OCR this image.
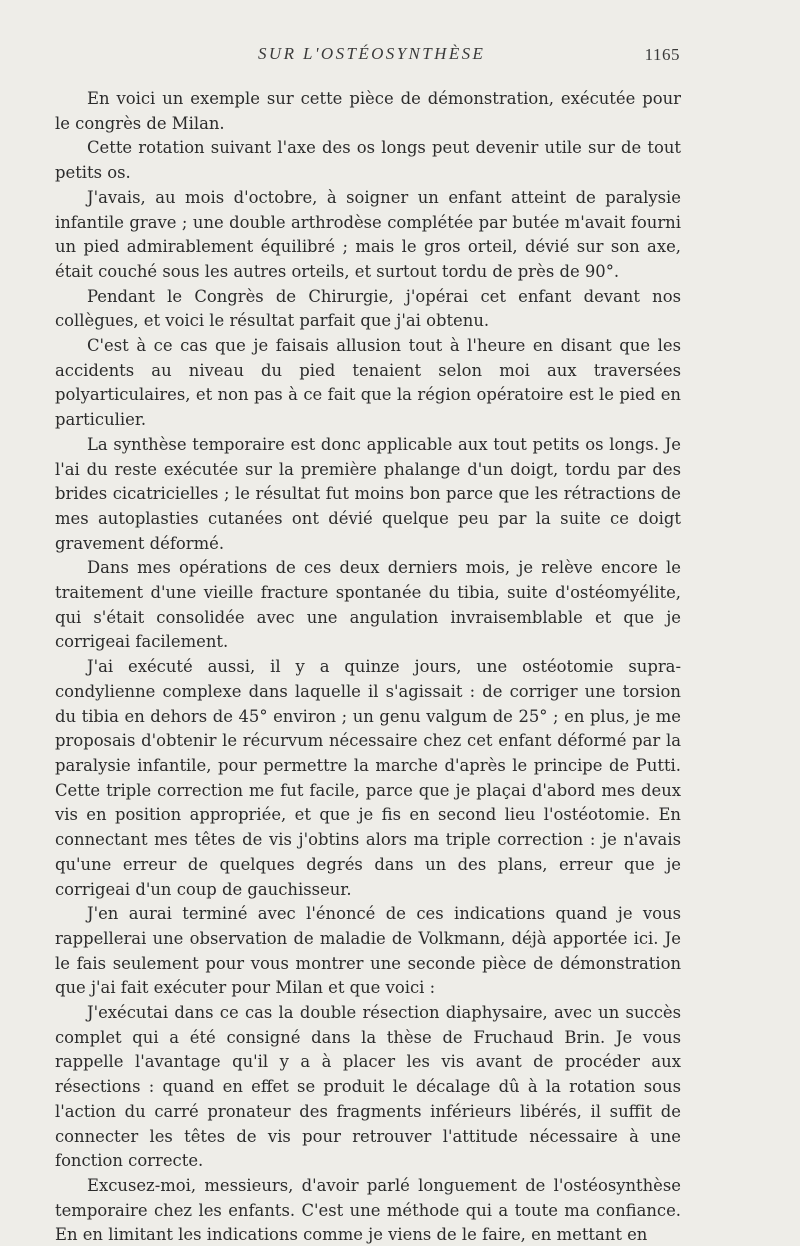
SUR L'OSTÉOSYNTHÈSE	1165

En voici un exemple sur cette pièce de démonstration, exécutée pour le congrès de Milan.

Cette rotation suivant l'axe des os longs peut devenir utile sur de tout petits os.

J'avais, au mois d'octobre, à soigner un enfant atteint de paralysie infantile grave ; une double arthrodèse complétée par butée m'avait fourni un pied admirablement équilibré ; mais le gros orteil, dévié sur son axe, était couché sous les autres orteils, et surtout tordu de près de 90°.

Pendant le Congrès de Chirurgie, j'opérai cet enfant devant nos collègues, et voici le résultat parfait que j'ai obtenu.

C'est à ce cas que je faisais allusion tout à l'heure en disant que les accidents au niveau du pied tenaient selon moi aux traversées polyarticulaires, et non pas à ce fait que la région opératoire est le pied en particulier.

La synthèse temporaire est donc applicable aux tout petits os longs. Je l'ai du reste exécutée sur la première phalange d'un doigt, tordu par des brides cicatricielles ; le résultat fut moins bon parce que les rétractions de mes autoplasties cutanées ont dévié quelque peu par la suite ce doigt gravement déformé.

Dans mes opérations de ces deux derniers mois, je relève encore le traitement d'une vieille fracture spontanée du tibia, suite d'ostéomyélite, qui s'était consolidée avec une angulation invraisemblable et que je corrigeai facilement.

J'ai exécuté aussi, il y a quinze jours, une ostéotomie supra-condylienne complexe dans laquelle il s'agissait : de corriger une torsion du tibia en dehors de 45° environ ; un genu valgum de 25° ; en plus, je me proposais d'obtenir le récurvum nécessaire chez cet enfant déformé par la paralysie infantile, pour permettre la marche d'après le principe de Putti. Cette triple correction me fut facile, parce que je plaçai d'abord mes deux vis en position appropriée, et que je fis en second lieu l'ostéotomie. En connectant mes têtes de vis j'obtins alors ma triple correction : je n'avais qu'une erreur de quelques degrés dans un des plans, erreur que je corrigeai d'un coup de gauchisseur.

J'en aurai terminé avec l'énoncé de ces indications quand je vous rappellerai une observation de maladie de Volkmann, déjà apportée ici. Je le fais seulement pour vous montrer une seconde pièce de démonstration que j'ai fait exécuter pour Milan et que voici :

J'exécutai dans ce cas la double résection diaphysaire, avec un succès complet qui a été consigné dans la thèse de Fruchaud Brin. Je vous rappelle l'avantage qu'il y a à placer les vis avant de procéder aux résections : quand en effet se produit le décalage dû à la rotation sous l'action du carré pronateur des fragments inférieurs libérés, il suffit de connecter les têtes de vis pour retrouver l'attitude nécessaire à une fonction correcte.

Excusez-moi, messieurs, d'avoir parlé longuement de l'ostéosynthèse temporaire chez les enfants. C'est une méthode qui a toute ma confiance. En en limitant les indications comme je viens de le faire, en mettant en
